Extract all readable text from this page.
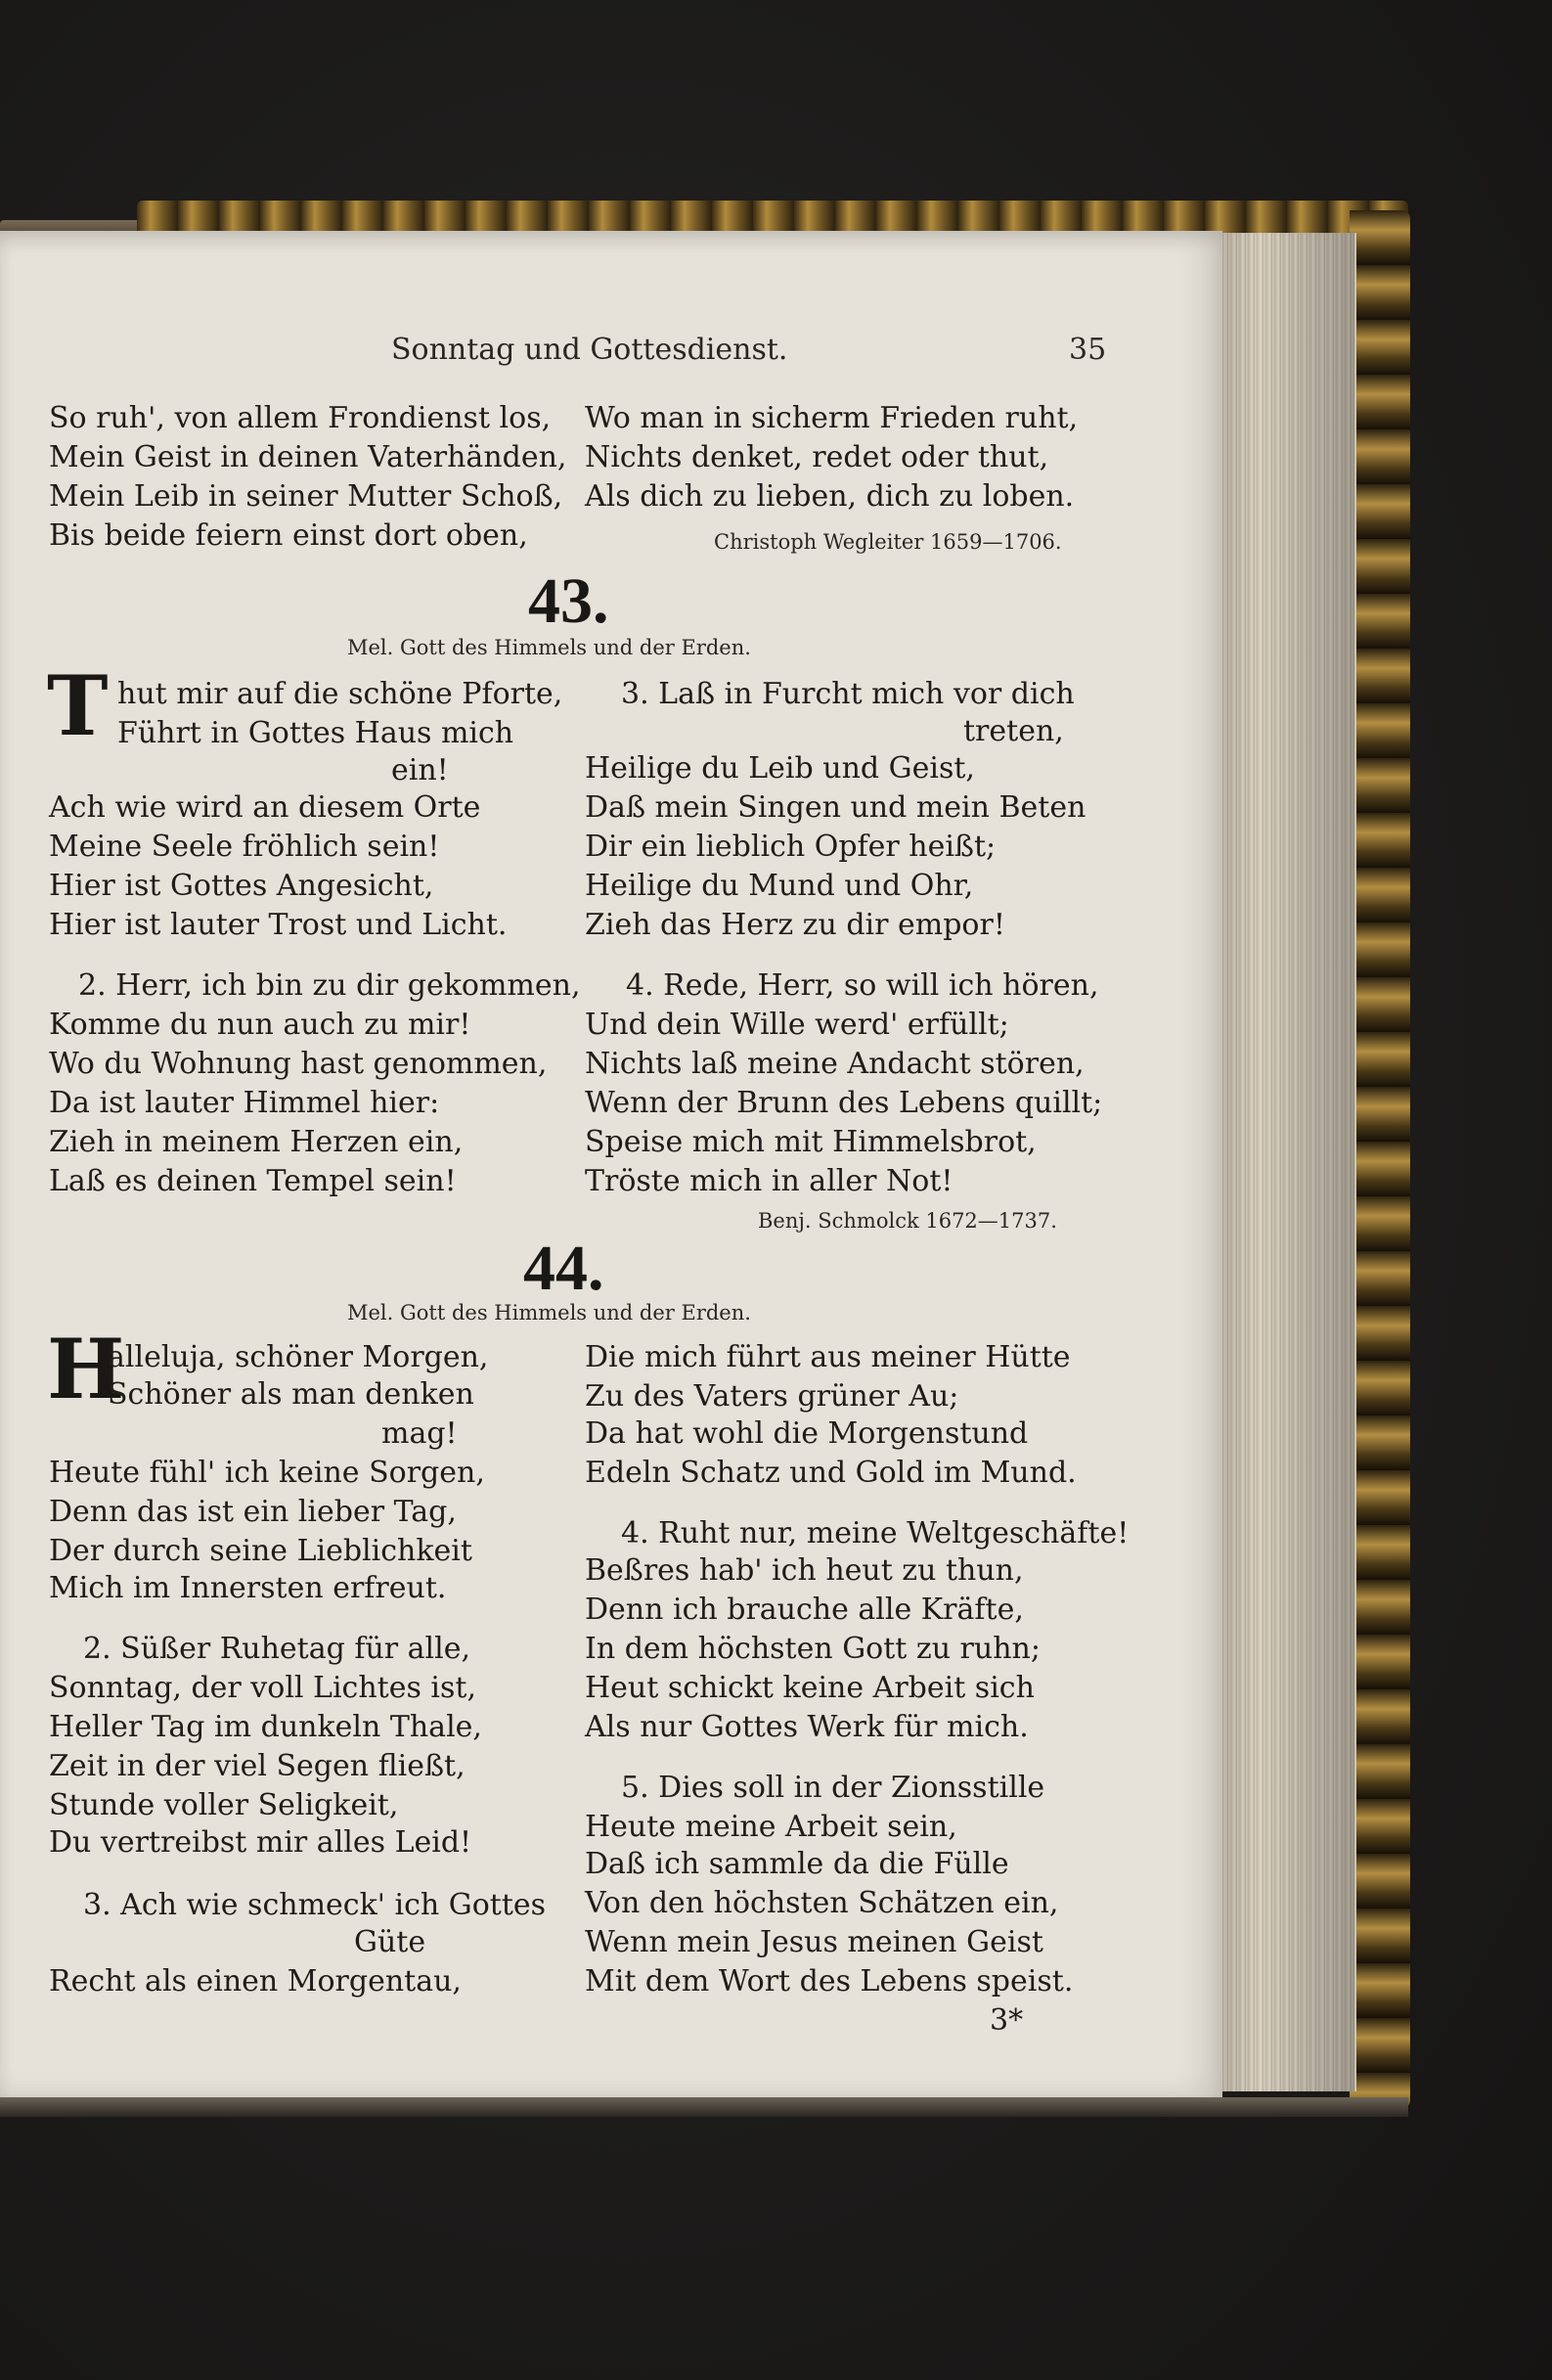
Sonntag und Gottesdienst.	35
So ruh', von allem Frondienst los,
Mein Geist in deinen Vaterhänden,
Mein Leib in seiner Mutter Schoß,
Bis beide feiern einst dort oben,
Wo man in sicherm Frieden ruht,
Nichts denket, redet oder thut,
Als dich zu lieben, dich zu loben.
Christoph Wegleiter 1659—1706.
43.
Mel. Gott des Himmels und der Erden.
T hut mir auf die schöne Pforte,
Führt in Gottes Haus mich
ein!
Ach wie wird an diesem Orte
Meine Seele fröhlich sein!
Hier ist Gottes Angesicht,
Hier ist lauter Trost und Licht.
2. Herr, ich bin zu dir gekommen,
Komme du nun auch zu mir!
Wo du Wohnung hast genommen,
Da ist lauter Himmel hier:
Zieh in meinem Herzen ein,
Laß es deinen Tempel sein!
3. Laß in Furcht mich vor dich
treten,
Heilige du Leib und Geist,
Daß mein Singen und mein Beten
Dir ein lieblich Opfer heißt;
Heilige du Mund und Ohr,
Zieh das Herz zu dir empor!
4. Rede, Herr, so will ich hören,
Und dein Wille werd' erfüllt;
Nichts laß meine Andacht stören,
Wenn der Brunn des Lebens quillt;
Speise mich mit Himmelsbrot,
Tröste mich in aller Not!
Benj. Schmolck 1672—1737.
44.
Mel. Gott des Himmels und der Erden.
H
alleluja, schöner Morgen,
Schöner als man denken
mag!
Heute fühl' ich keine Sorgen,
Denn das ist ein lieber Tag,
Der durch seine Lieblichkeit
Mich im Innersten erfreut.
2. Süßer Ruhetag für alle,
Sonntag, der voll Lichtes ist,
Heller Tag im dunkeln Thale,
Zeit in der viel Segen fließt,
Stunde voller Seligkeit,
Du vertreibst mir alles Leid!
3. Ach wie schmeck' ich Gottes
Güte
Recht als einen Morgentau,
Die mich führt aus meiner Hütte
Zu des Vaters grüner Au;
Da hat wohl die Morgenstund
Edeln Schatz und Gold im Mund.
4. Ruht nur, meine Weltgeschäfte!
Beßres hab' ich heut zu thun,
Denn ich brauche alle Kräfte,
In dem höchsten Gott zu ruhn;
Heut schickt keine Arbeit sich
Als nur Gottes Werk für mich.
5. Dies soll in der Zionsstille
Heute meine Arbeit sein,
Daß ich sammle da die Fülle
Von den höchsten Schätzen ein,
Wenn mein Jesus meinen Geist
Mit dem Wort des Lebens speist.
3*
